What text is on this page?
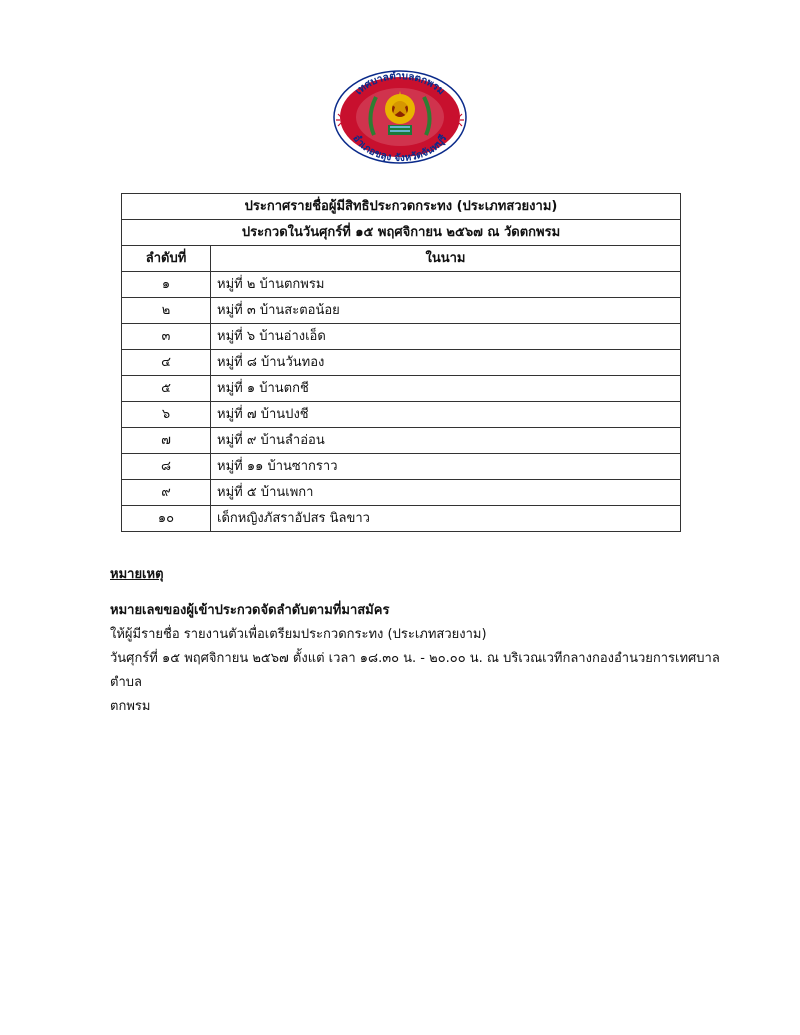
เทศบาลตำบลตกพรม
อำเภอขลุง จังหวัดจันทบุรี
ประกาศรายชื่อผู้มีสิทธิประกวดกระทง (ประเภทสวยงาม)	
ประกวดในวันศุกร์ที่ ๑๕ พฤศจิกายน ๒๕๖๗ ณ วัดตกพรม	
ลำดับที่	ในนาม
๑	หมู่ที่ ๒ บ้านตกพรม
๒	หมู่ที่ ๓ บ้านสะตอน้อย
๓	หมู่ที่ ๖ บ้านอ่างเอ็ด
๔	หมู่ที่ ๘ บ้านวันทอง
๕	หมู่ที่ ๑ บ้านตกชี
๖	หมู่ที่ ๗ บ้านปงชี
๗	หมู่ที่ ๙ บ้านลำอ่อน
๘	หมู่ที่ ๑๑ บ้านซากราว
๙	หมู่ที่ ๕ บ้านเพกา
๑๐	เด็กหญิงภัสราอัปสร นิลขาว
หมายเหตุ
หมายเลขของผู้เข้าประกวดจัดลำดับตามที่มาสมัคร
ให้ผู้มีรายชื่อ รายงานตัวเพื่อเตรียมประกวดกระทง (ประเภทสวยงาม)
วันศุกร์ที่ ๑๕ พฤศจิกายน ๒๕๖๗ ตั้งแต่ เวลา ๑๘.๓๐ น. - ๒๐.๐๐ น. ณ บริเวณเวทีกลางกองอำนวยการเทศบาลตำบล
ตกพรม
